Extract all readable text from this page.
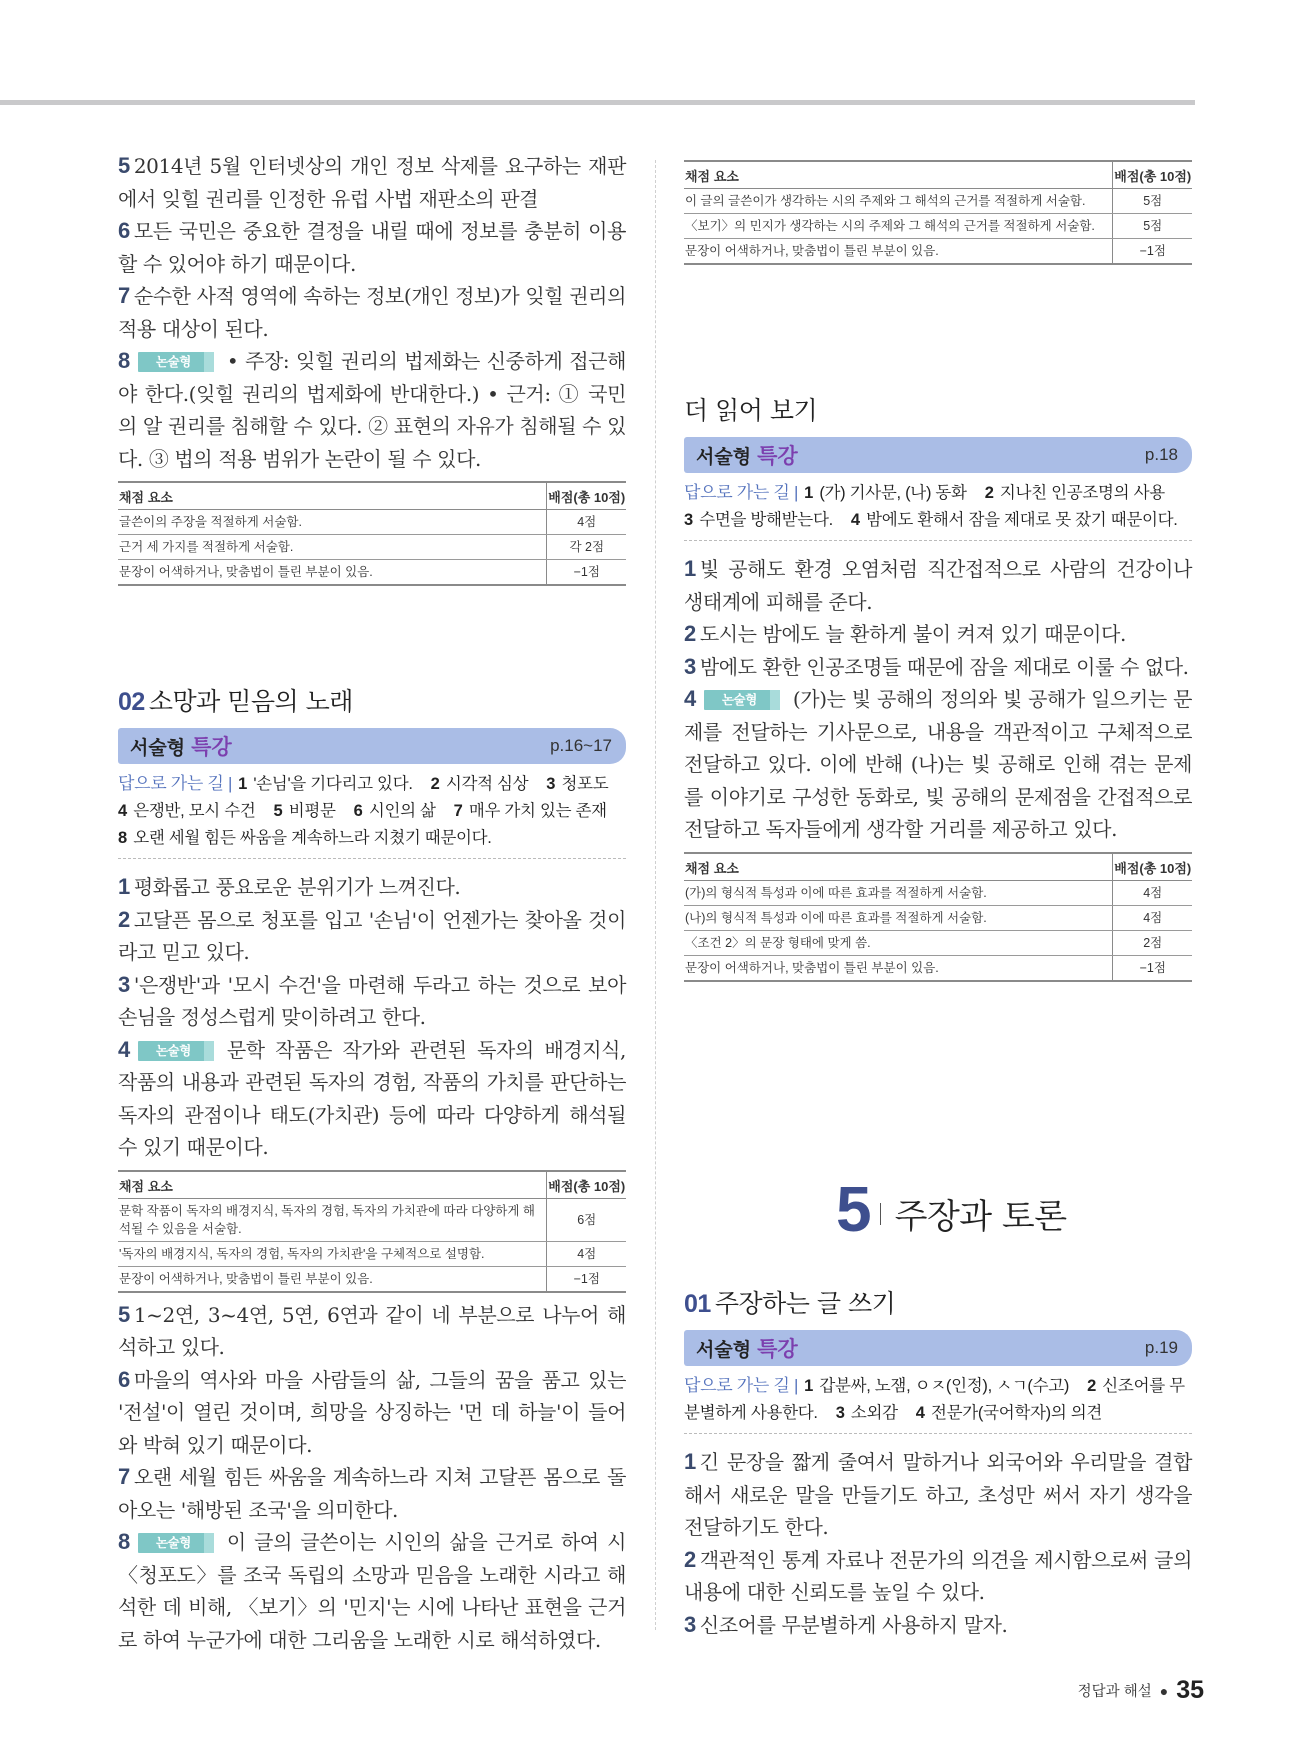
5 2014년 5월 인터넷상의 개인 정보 삭제를 요구하는 재판에서 잊힐 권리를 인정한 유럽 사법 재판소의 판결
6 모든 국민은 중요한 결정을 내릴 때에 정보를 충분히 이용할 수 있어야 하기 때문이다.
7 순수한 사적 영역에 속하는 정보(개인 정보)가 잊힐 권리의 적용 대상이 된다.
8 논술형 • 주장: 잊힐 권리의 법제화는 신중하게 접근해야 한다.(잊힐 권리의 법제화에 반대한다.) • 근거: ① 국민의 알 권리를 침해할 수 있다. ② 표현의 자유가 침해될 수 있다. ③ 법의 적용 범위가 논란이 될 수 있다.
채점 요소	배점(총 10점)
글쓴이의 주장을 적절하게 서술함.	4점
근거 세 가지를 적절하게 서술함.	각 2점
문장이 어색하거나, 맞춤법이 틀린 부분이 있음.	−1점
02 소망과 믿음의 노래
서술형 특강	p.16~17
답으로 가는 길 | 1 '손님'을 기다리고 있다. 2 시각적 심상 3 청포도
4 은쟁반, 모시 수건 5 비평문 6 시인의 삶 7 매우 가치 있는 존재
8 오랜 세월 힘든 싸움을 계속하느라 지쳤기 때문이다.
1 평화롭고 풍요로운 분위기가 느껴진다.
2 고달픈 몸으로 청포를 입고 '손님'이 언젠가는 찾아올 것이라고 믿고 있다.
3 '은쟁반'과 '모시 수건'을 마련해 두라고 하는 것으로 보아 손님을 정성스럽게 맞이하려고 한다.
4 논술형 문학 작품은 작가와 관련된 독자의 배경지식, 작품의 내용과 관련된 독자의 경험, 작품의 가치를 판단하는 독자의 관점이나 태도(가치관) 등에 따라 다양하게 해석될 수 있기 때문이다.
채점 요소	배점(총 10점)
문학 작품이 독자의 배경지식, 독자의 경험, 독자의 가치관에 따라 다양하게 해석될 수 있음을 서술함.	6점
'독자의 배경지식, 독자의 경험, 독자의 가치관'을 구체적으로 설명함.	4점
문장이 어색하거나, 맞춤법이 틀린 부분이 있음.	−1점
5 1~2연, 3~4연, 5연, 6연과 같이 네 부분으로 나누어 해석하고 있다.
6 마을의 역사와 마을 사람들의 삶, 그들의 꿈을 품고 있는 '전설'이 열린 것이며, 희망을 상징하는 '먼 데 하늘'이 들어와 박혀 있기 때문이다.
7 오랜 세월 힘든 싸움을 계속하느라 지쳐 고달픈 몸으로 돌아오는 '해방된 조국'을 의미한다.
8 논술형 이 글의 글쓴이는 시인의 삶을 근거로 하여 시 〈청포도〉를 조국 독립의 소망과 믿음을 노래한 시라고 해석한 데 비해, 〈보기〉의 '민지'는 시에 나타난 표현을 근거로 하여 누군가에 대한 그리움을 노래한 시로 해석하였다.
채점 요소	배점(총 10점)
이 글의 글쓴이가 생각하는 시의 주제와 그 해석의 근거를 적절하게 서술함.	5점
〈보기〉의 민지가 생각하는 시의 주제와 그 해석의 근거를 적절하게 서술함.	5점
문장이 어색하거나, 맞춤법이 틀린 부분이 있음.	−1점
더 읽어 보기
서술형 특강	p.18
답으로 가는 길 | 1 (가) 기사문, (나) 동화 2 지나친 인공조명의 사용
3 수면을 방해받는다. 4 밤에도 환해서 잠을 제대로 못 잤기 때문이다.
1 빛 공해도 환경 오염처럼 직간접적으로 사람의 건강이나 생태계에 피해를 준다.
2 도시는 밤에도 늘 환하게 불이 켜져 있기 때문이다.
3 밤에도 환한 인공조명들 때문에 잠을 제대로 이룰 수 없다.
4 논술형 (가)는 빛 공해의 정의와 빛 공해가 일으키는 문제를 전달하는 기사문으로, 내용을 객관적이고 구체적으로 전달하고 있다. 이에 반해 (나)는 빛 공해로 인해 겪는 문제를 이야기로 구성한 동화로, 빛 공해의 문제점을 간접적으로 전달하고 독자들에게 생각할 거리를 제공하고 있다.
채점 요소	배점(총 10점)
(가)의 형식적 특성과 이에 따른 효과를 적절하게 서술함.	4점
(나)의 형식적 특성과 이에 따른 효과를 적절하게 서술함.	4점
〈조건 2〉의 문장 형태에 맞게 씀.	2점
문장이 어색하거나, 맞춤법이 틀린 부분이 있음.	−1점
5 주장과 토론
01 주장하는 글 쓰기
서술형 특강	p.19
답으로 가는 길 | 1 갑분싸, 노잼, ㅇㅈ(인정), ㅅㄱ(수고) 2 신조어를 무분별하게 사용한다. 3 소외감 4 전문가(국어학자)의 의견
1 긴 문장을 짧게 줄여서 말하거나 외국어와 우리말을 결합해서 새로운 말을 만들기도 하고, 초성만 써서 자기 생각을 전달하기도 한다.
2 객관적인 통계 자료나 전문가의 의견을 제시함으로써 글의 내용에 대한 신뢰도를 높일 수 있다.
3 신조어를 무분별하게 사용하지 말자.
정답과 해설 ● 35
